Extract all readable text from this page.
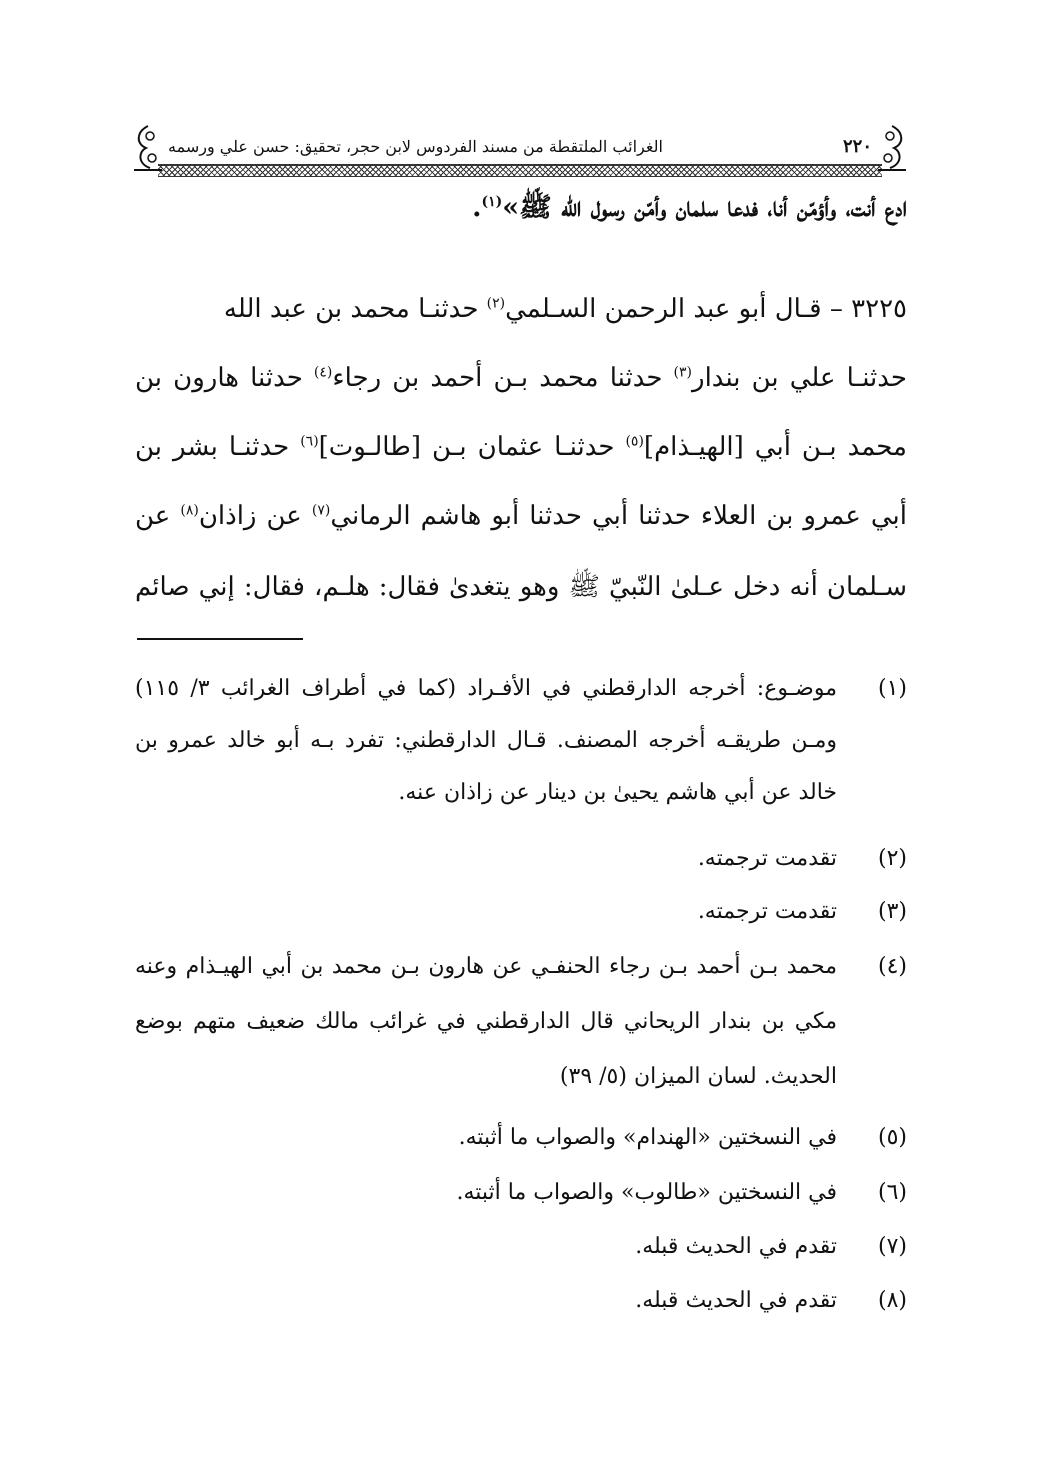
٢٢٠
الغرائب الملتقطة من مسند الفردوس لابن حجر، تحقيق: حسن علي ورسمه
ادع أنت، وأؤمّن أنا، فدعا سلمان وأمّن رسول الله ﷺ»$^{(١)}$.
٣٢٢٥ – قـال أبو عبد الرحمن السـلمي$^{(٢)}$ حدثنـا محمد بن عبد الله
حدثنـا علي بن بندار$^{(٣)}$ حدثنا محمد بـن أحمد بن رجاء$^{(٤)}$ حدثنا هارون بن
محمد بـن أبي [الهيـذام]$^{(٥)}$ حدثنـا عثمان بـن [طالـوت]$^{(٦)}$ حدثنـا بشر بن
أبي عمرو بن العلاء حدثنا أبي حدثنا أبو هاشم الرماني$^{(٧)}$ عن زاذان$^{(٨)}$ عن
سـلمان أنه دخل عـلىٰ النّبيّ ﷺ وهو يتغدىٰ فقال: هلـم، فقال: إني صائم
(١)
موضـوع: أخرجه الدارقطني في الأفـراد (كما في أطراف الغرائب ٣/ ١١٥)
ومـن طريقـه أخرجه المصنف. قـال الدارقطني: تفرد بـه أبو خالد عمرو بن
خالد عن أبي هاشم يحيىٰ بن دينار عن زاذان عنه.
(٢)
تقدمت ترجمته.
(٣)
تقدمت ترجمته.
(٤)
محمد بـن أحمد بـن رجاء الحنفـي عن هارون بـن محمد بن أبي الهيـذام وعنه
مكي بن بندار الريحاني قال الدارقطني في غرائب مالك ضعيف متهم بوضع
الحديث. لسان الميزان (٥/ ٣٩)
(٥)
في النسختين «الهندام» والصواب ما أثبته.
(٦)
في النسختين «طالوب» والصواب ما أثبته.
(٧)
تقدم في الحديث قبله.
(٨)
تقدم في الحديث قبله.
